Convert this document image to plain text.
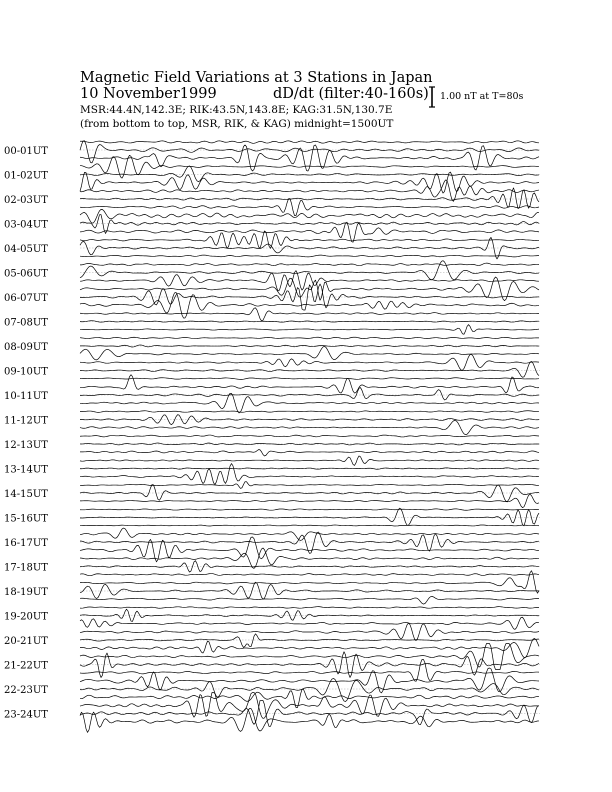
Magnetic Field Variations at 3 Stations in Japan
10 November1999	dD/dt (filter:40-160s)
MSR:44.4N,142.3E; RIK:43.5N,143.8E; KAG:31.5N,130.7E
(from bottom to top, MSR, RIK, & KAG) midnight=1500UT
1.00 nT at T=80s
00-01UT
01-02UT
02-03UT
03-04UT
04-05UT
05-06UT
06-07UT
07-08UT
08-09UT
09-10UT
10-11UT
11-12UT
12-13UT
13-14UT
14-15UT
15-16UT
16-17UT
17-18UT
18-19UT
19-20UT
20-21UT
21-22UT
22-23UT
23-24UT
